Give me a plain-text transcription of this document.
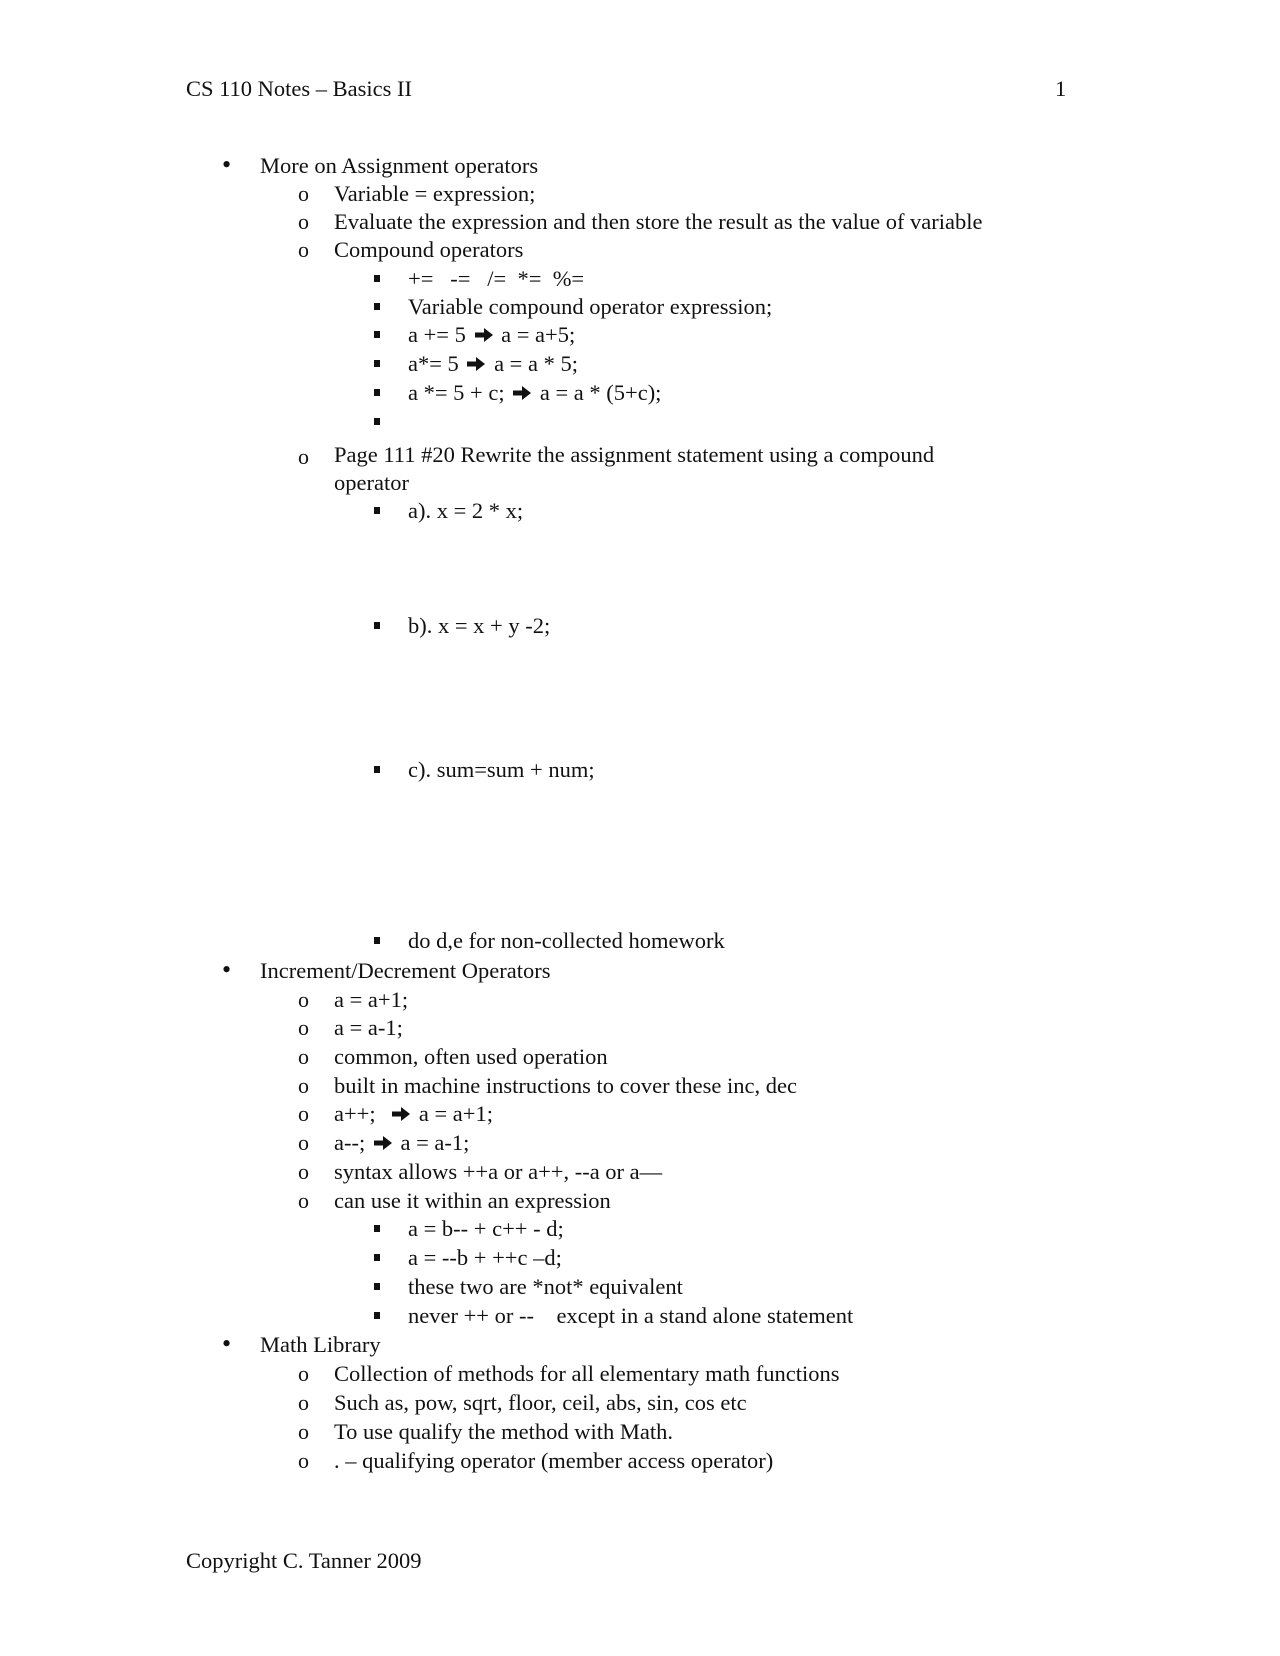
CS 110 Notes – Basics II	1
• More on Assignment operators
o Variable = expression;
o Evaluate the expression and then store the result as the value of variable
o Compound operators
+=   -=   /=  *=  %=
Variable compound operator expression;
a += 5 a = a+5;
a*= 5 a = a * 5;
a *= 5 + c; a = a * (5+c);
o Page 111 #20 Rewrite the assignment statement using a compound
operator
a). x = 2 * x;
b). x = x + y -2;
c). sum=sum + num;
do d,e for non-collected homework
• Increment/Decrement Operators
o a = a+1;
o a = a-1;
o common, often used operation
o built in machine instructions to cover these inc, dec
o a++; a = a+1;
o a--; a = a-1;
o syntax allows ++a or a++, --a or a—
o can use it within an expression
a = b-- + c++ - d;
a = --b + ++c –d;
these two are *not* equivalent
never ++ or --    except in a stand alone statement
• Math Library
o Collection of methods for all elementary math functions
o Such as, pow, sqrt, floor, ceil, abs, sin, cos etc
o To use qualify the method with Math.
o . – qualifying operator (member access operator)
Copyright C. Tanner 2009
